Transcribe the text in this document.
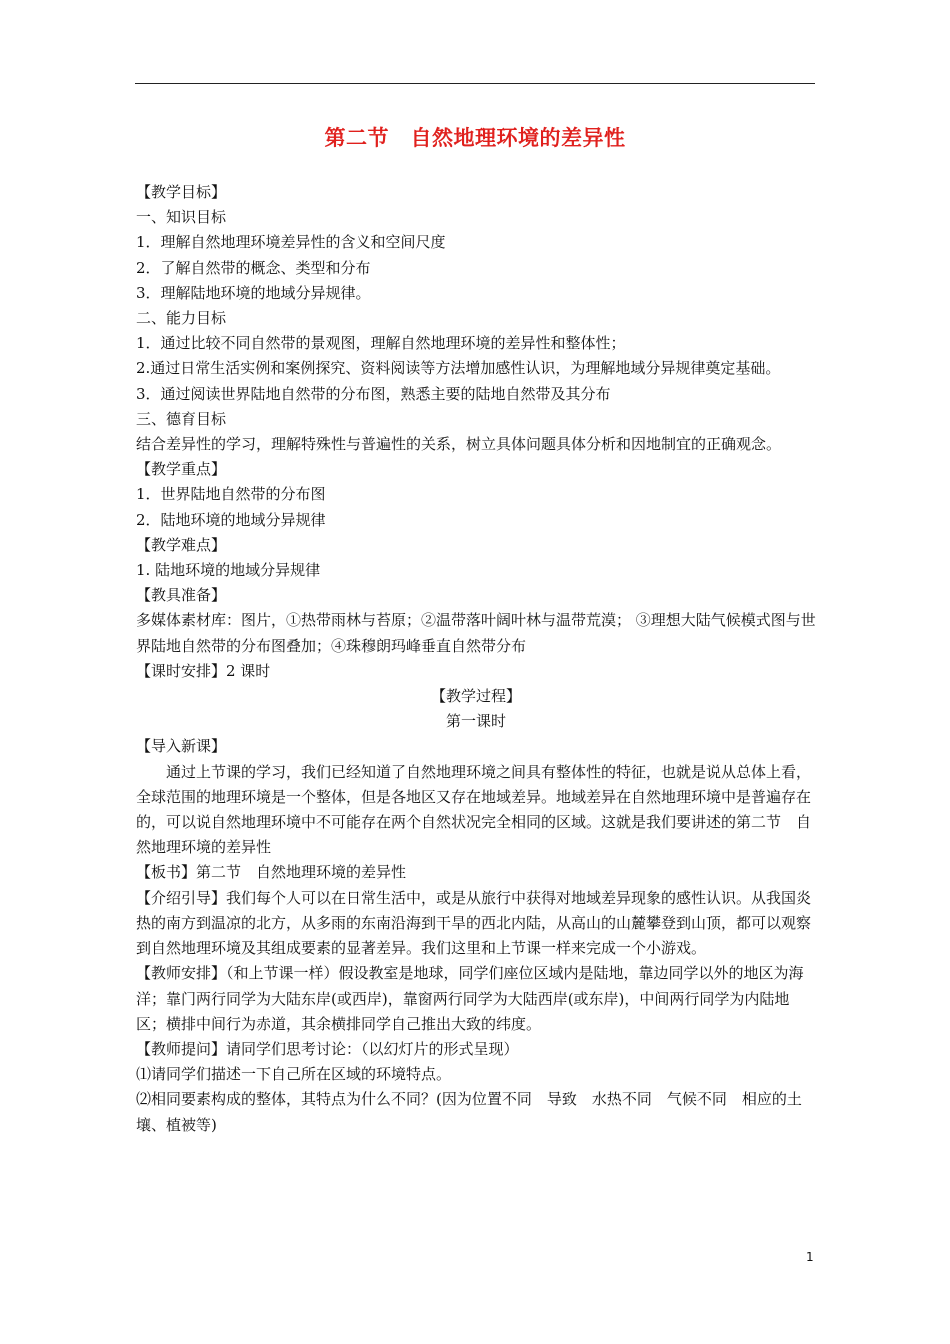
第二节　自然地理环境的差异性

【教学目标】

一、知识目标

1．理解自然地理环境差异性的含义和空间尺度

2．了解自然带的概念、类型和分布

3．理解陆地环境的地域分异规律。

二、能力目标

1．通过比较不同自然带的景观图，理解自然地理环境的差异性和整体性；

2.通过日常生活实例和案例探究、资料阅读等方法增加感性认识，为理解地域分异规律奠定基础。

3．通过阅读世界陆地自然带的分布图，熟悉主要的陆地自然带及其分布

三、德育目标

结合差异性的学习，理解特殊性与普遍性的关系，树立具体问题具体分析和因地制宜的正确观念。

【教学重点】

1．世界陆地自然带的分布图

2．陆地环境的地域分异规律

【教学难点】

1. 陆地环境的地域分异规律

【教具准备】

多媒体素材库：图片，①热带雨林与苔原；②温带落叶阔叶林与温带荒漠； ③理想大陆气候模式图与世界陆地自然带的分布图叠加；④珠穆朗玛峰垂直自然带分布

【课时安排】2 课时

【教学过程】

第一课时

【导入新课】

通过上节课的学习，我们已经知道了自然地理环境之间具有整体性的特征，也就是说从总体上看，全球范围的地理环境是一个整体，但是各地区又存在地域差异。地域差异在自然地理环境中是普遍存在的，可以说自然地理环境中不可能存在两个自然状况完全相同的区域。这就是我们要讲述的第二节　自然地理环境的差异性

【板书】第二节　自然地理环境的差异性

【介绍引导】我们每个人可以在日常生活中，或是从旅行中获得对地域差异现象的感性认识。从我国炎热的南方到温凉的北方，从多雨的东南沿海到干旱的西北内陆，从高山的山麓攀登到山顶，都可以观察到自然地理环境及其组成要素的显著差异。我们这里和上节课一样来完成一个小游戏。

【教师安排】（和上节课一样）假设教室是地球，同学们座位区域内是陆地，靠边同学以外的地区为海洋；靠门两行同学为大陆东岸(或西岸)，靠窗两行同学为大陆西岸(或东岸)，中间两行同学为内陆地区；横排中间行为赤道，其余横排同学自己推出大致的纬度。

【教师提问】请同学们思考讨论：（以幻灯片的形式呈现）

⑴请同学们描述一下自己所在区域的环境特点。

⑵相同要素构成的整体，其特点为什么不同？(因为位置不同　导致　水热不同　气候不同　相应的土壤、植被等)

1
